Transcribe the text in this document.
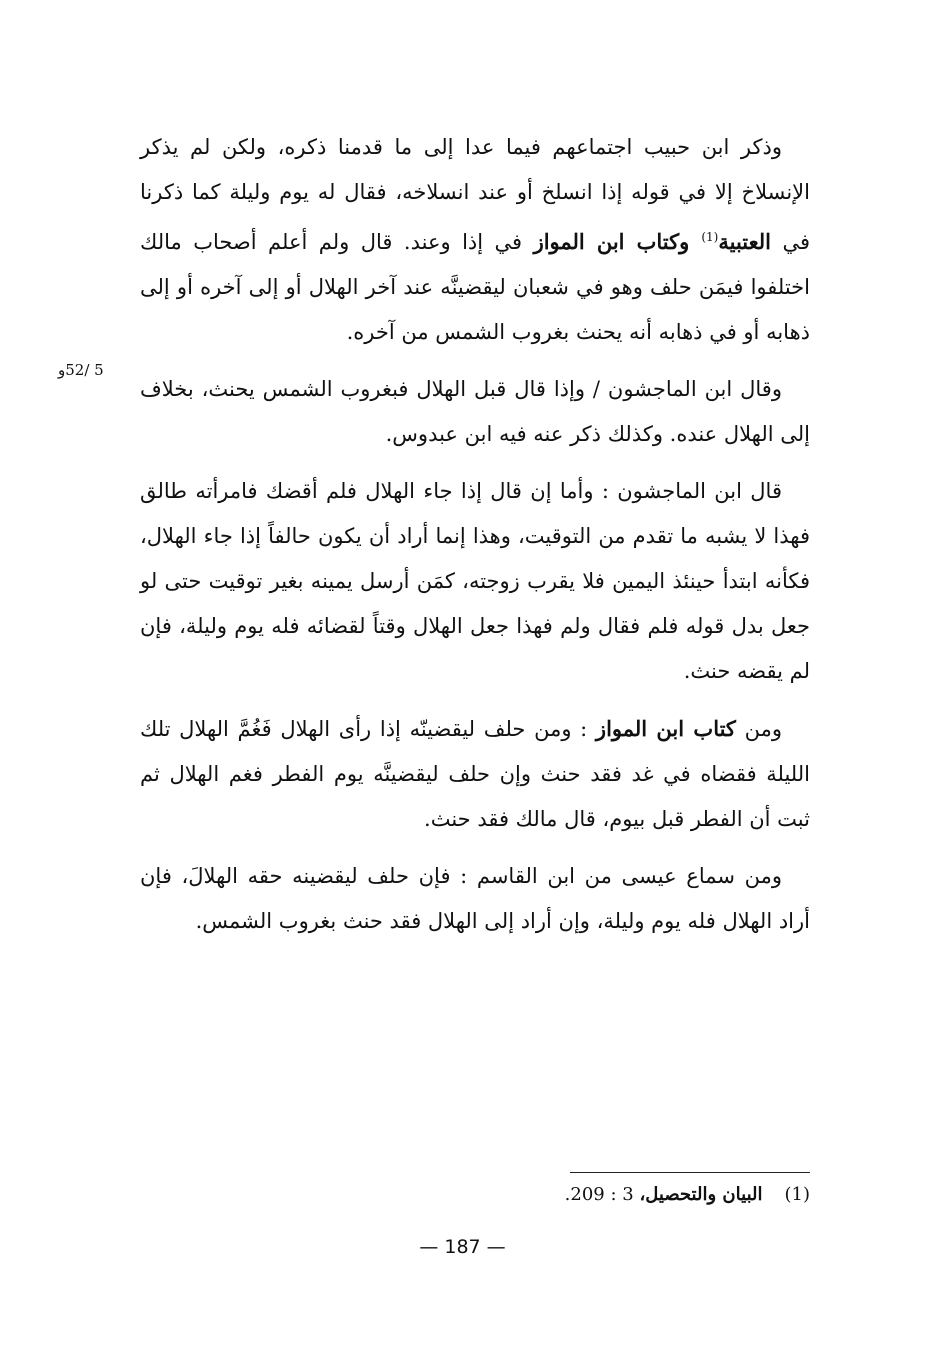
وذكر ابن حبيب اجتماعهم فيما عدا إلى ما قدمنا ذكره، ولكن لم يذكر الإنسلاخ إلا في قوله إذا انسلخ أو عند انسلاخه، فقال له يوم وليلة كما ذكرنا في العتبية$^{(1)}$ وكتاب ابن المواز في إذا وعند. قال ولم أعلم أصحاب مالك اختلفوا فيمَن حلف وهو في شعبان ليقضينَّه عند آخر الهلال أو إلى آخره أو إلى ذهابه أو في ذهابه أنه يحنث بغروب الشمس من آخره.

وقال ابن الماجشون / وإذا قال قبل الهلال فبغروب الشمس يحنث، بخلاف إلى الهلال عنده. وكذلك ذكر عنه فيه ابن عبدوس.

قال ابن الماجشون : وأما إن قال إذا جاء الهلال فلم أقضك فامرأته طالق فهذا لا يشبه ما تقدم من التوقيت، وهذا إنما أراد أن يكون حالفاً إذا جاء الهلال، فكأنه ابتدأ حينئذ اليمين فلا يقرب زوجته، كمَن أرسل يمينه بغير توقيت حتى لو جعل بدل قوله فلم فقال ولم فهذا جعل الهلال وقتاً لقضائه فله يوم وليلة، فإن لم يقضه حنث.

ومن كتاب ابن المواز : ومن حلف ليقضينّه إذا رأى الهلال فَغُمَّ الهلال تلك الليلة فقضاه في غد فقد حنث وإن حلف ليقضينَّه يوم الفطر فغم الهلال ثم ثبت أن الفطر قبل بيوم، قال مالك فقد حنث.

ومن سماع عيسى من ابن القاسم : فإن حلف ليقضينه حقه الهلالَ، فإن أراد الهلال فله يوم وليلة، وإن أراد إلى الهلال فقد حنث بغروب الشمس.

5 /52و
(1)البيان والتحصيل، 3 : 209.
— 187 —
